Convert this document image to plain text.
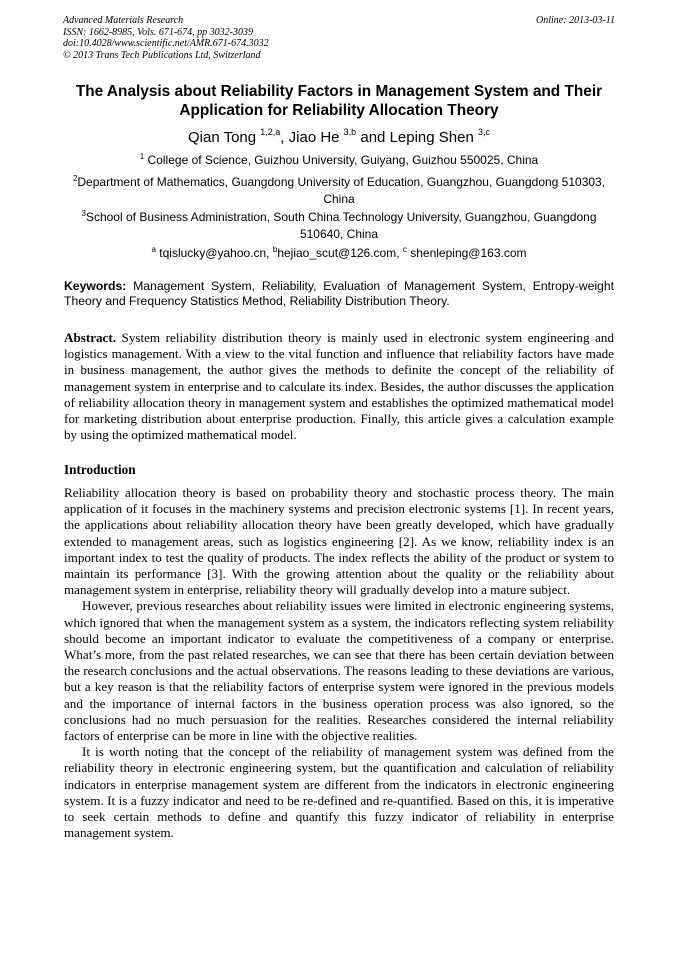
Advanced Materials Research
ISSN: 1662-8985, Vols. 671-674, pp 3032-3039
doi:10.4028/www.scientific.net/AMR.671-674.3032
© 2013 Trans Tech Publications Ltd, Switzerland
Online: 2013-03-11
The Analysis about Reliability Factors in Management System and Their
Application for Reliability Allocation Theory
Qian Tong $^{1,2,a}$, Jiao He $^{3,b}$ and Leping Shen $^{3,c}$
$^1$ College of Science, Guizhou University, Guiyang, Guizhou 550025, China
$^2$Department of Mathematics, Guangdong University of Education, Guangzhou, Guangdong 510303, China
$^3$School of Business Administration, South China Technology University, Guangzhou, Guangdong 510640, China
$^a$ tqislucky@yahoo.cn, $^b$hejiao_scut@126.com, $^c$ shenleping@163.com
Keywords: Management System, Reliability, Evaluation of Management System, Entropy-weight Theory and Frequency Statistics Method, Reliability Distribution Theory.
Abstract. System reliability distribution theory is mainly used in electronic system engineering and logistics management. With a view to the vital function and influence that reliability factors have made in business management, the author gives the methods to definite the concept of the reliability of management system in enterprise and to calculate its index. Besides, the author discusses the application of reliability allocation theory in management system and establishes the optimized mathematical model for marketing distribution about enterprise production. Finally, this article gives a calculation example by using the optimized mathematical model.
Introduction

Reliability allocation theory is based on probability theory and stochastic process theory. The main application of it focuses in the machinery systems and precision electronic systems [1]. In recent years, the applications about reliability allocation theory have been greatly developed, which have gradually extended to management areas, such as logistics engineering [2]. As we know, reliability index is an important index to test the quality of products. The index reflects the ability of the product or system to maintain its performance [3]. With the growing attention about the quality or the reliability about management system in enterprise, reliability theory will gradually develop into a mature subject.

However, previous researches about reliability issues were limited in electronic engineering systems, which ignored that when the management system as a system, the indicators reflecting system reliability should become an important indicator to evaluate the competitiveness of a company or enterprise. What’s more, from the past related researches, we can see that there has been certain deviation between the research conclusions and the actual observations. The reasons leading to these deviations are various, but a key reason is that the reliability factors of enterprise system were ignored in the previous models and the importance of internal factors in the business operation process was also ignored, so the conclusions had no much persuasion for the realities. Researches considered the internal reliability factors of enterprise can be more in line with the objective realities.

It is worth noting that the concept of the reliability of management system was defined from the reliability theory in electronic engineering system, but the quantification and calculation of reliability indicators in enterprise management system are different from the indicators in electronic engineering system. It is a fuzzy indicator and need to be re-defined and re-quantified. Based on this, it is imperative to seek certain methods to define and quantify this fuzzy indicator of reliability in enterprise management system.
